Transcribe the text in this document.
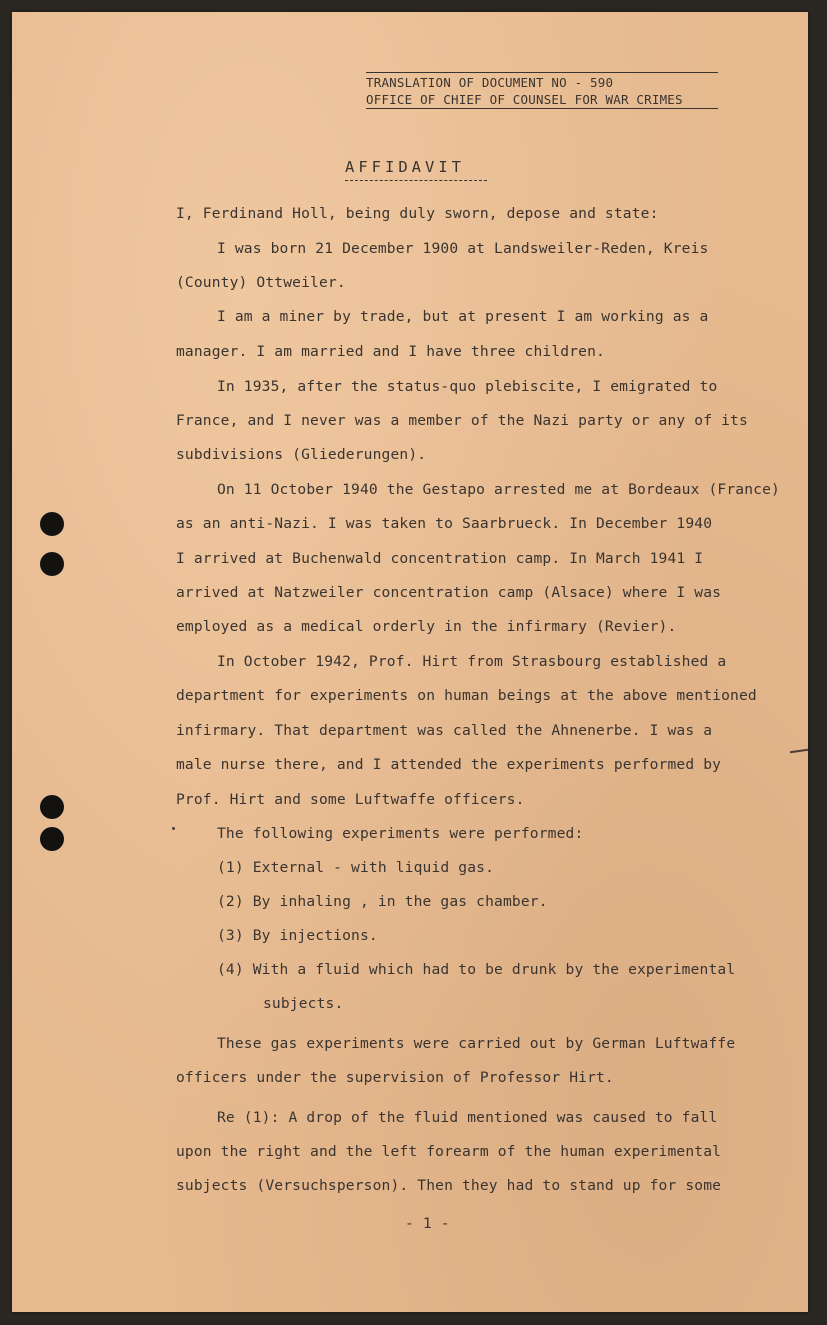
TRANSLATION OF DOCUMENT NO - 590
OFFICE OF CHIEF OF COUNSEL FOR WAR CRIMES
AFFIDAVIT
I, Ferdinand Holl, being duly sworn, depose and state:
I was born 21 December 1900 at Landsweiler-Reden, Kreis
(County) Ottweiler.
I am a miner by trade, but at present I am working as a
manager. I am married and I have three children.
In 1935, after the status-quo plebiscite, I emigrated to
France, and I never was a member of the Nazi party or any of its
subdivisions (Gliederungen).
On 11 October 1940 the Gestapo arrested me at Bordeaux (France)
as an anti-Nazi. I was taken to Saarbrueck. In December 1940
I arrived at Buchenwald concentration camp. In March 1941 I
arrived at Natzweiler concentration camp (Alsace) where I was
employed as a medical orderly in the infirmary (Revier).
In October 1942, Prof. Hirt from Strasbourg established a
department for experiments on human beings at the above mentioned
infirmary. That department was called the Ahnenerbe. I was a
male nurse there, and I attended the experiments performed by
Prof. Hirt and some Luftwaffe officers.
The following experiments were performed:
(1) External - with liquid gas.
(2) By inhaling , in the gas chamber.
(3) By injections.
(4) With a fluid which had to be drunk by the experimental
subjects.
These gas experiments were carried out by German Luftwaffe
officers under the supervision of Professor Hirt.
Re (1): A drop of the fluid mentioned was caused to fall
upon the right and the left forearm of the human experimental
subjects (Versuchsperson). Then they had to stand up for some
- 1 -
